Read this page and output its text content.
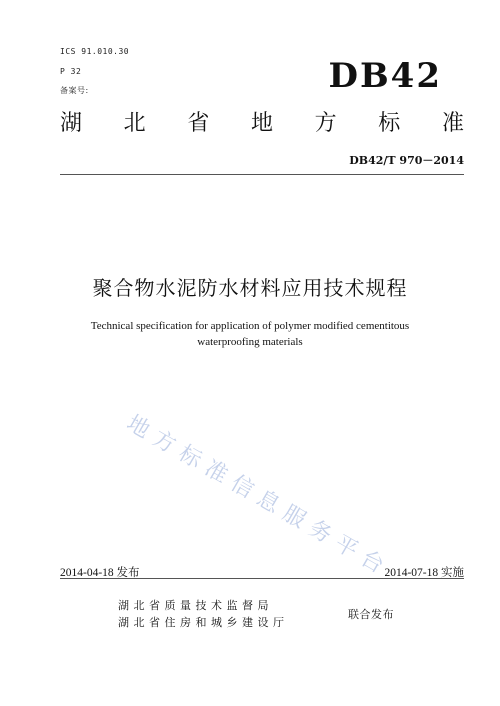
ICS 91.010.30
P 32
备案号:	DB42
湖 北 省 地 方 标 准
DB42/T 970－2014
聚合物水泥防水材料应用技术规程
Technical specification for application of polymer modified cementitous
waterproofing materials
地
方
标
准
信
息
服
务
平
台
2014-04-18 发布	2014-07-18 实施
湖北省质量技术监督局
湖北省住房和城乡建设厅
联合发布
